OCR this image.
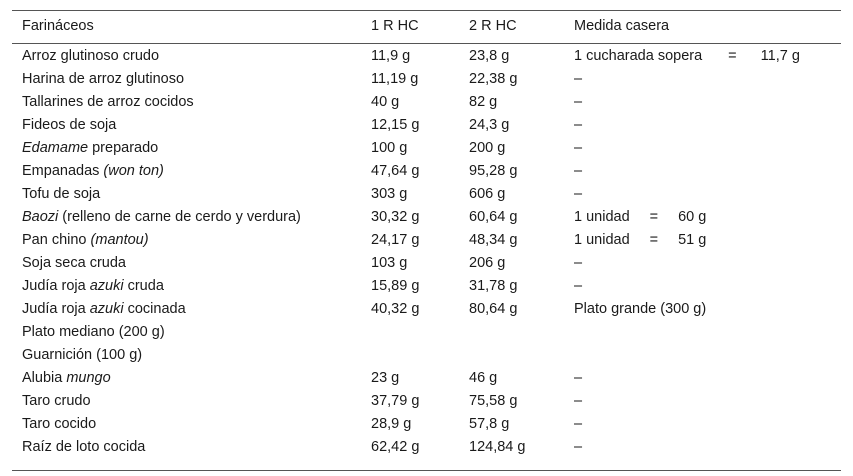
Farináceos	1 R HC	2 R HC	Medida casera
Arroz glutinoso crudo	11,9 g	23,8 g	1 cucharada sopera = 11,7 g
Harina de arroz glutinoso	11,19 g	22,38 g	–
Tallarines de arroz cocidos	40 g	82 g	–
Fideos de soja	12,15 g	24,3 g	–
Edamame preparado	100 g	200 g	–
Empanadas (won ton)	47,64 g	95,28 g	–
Tofu de soja	303 g	606 g	–
Baozi (relleno de carne de cerdo y verdura)	30,32 g	60,64 g	1 unidad = 60 g
Pan chino (mantou)	24,17 g	48,34 g	1 unidad = 51 g
Soja seca cruda	103 g	206 g	–
Judía roja azuki cruda	15,89 g	31,78 g	–
Judía roja azuki cocinada	40,32 g	80,64 g	Plato grande (300 g)
Plato mediano (200 g)
Guarnición (100 g)
Alubia mungo	23 g	46 g	–
Taro crudo	37,79 g	75,58 g	–
Taro cocido	28,9 g	57,8 g	–
Raíz de loto cocida	62,42 g	124,84 g	–
